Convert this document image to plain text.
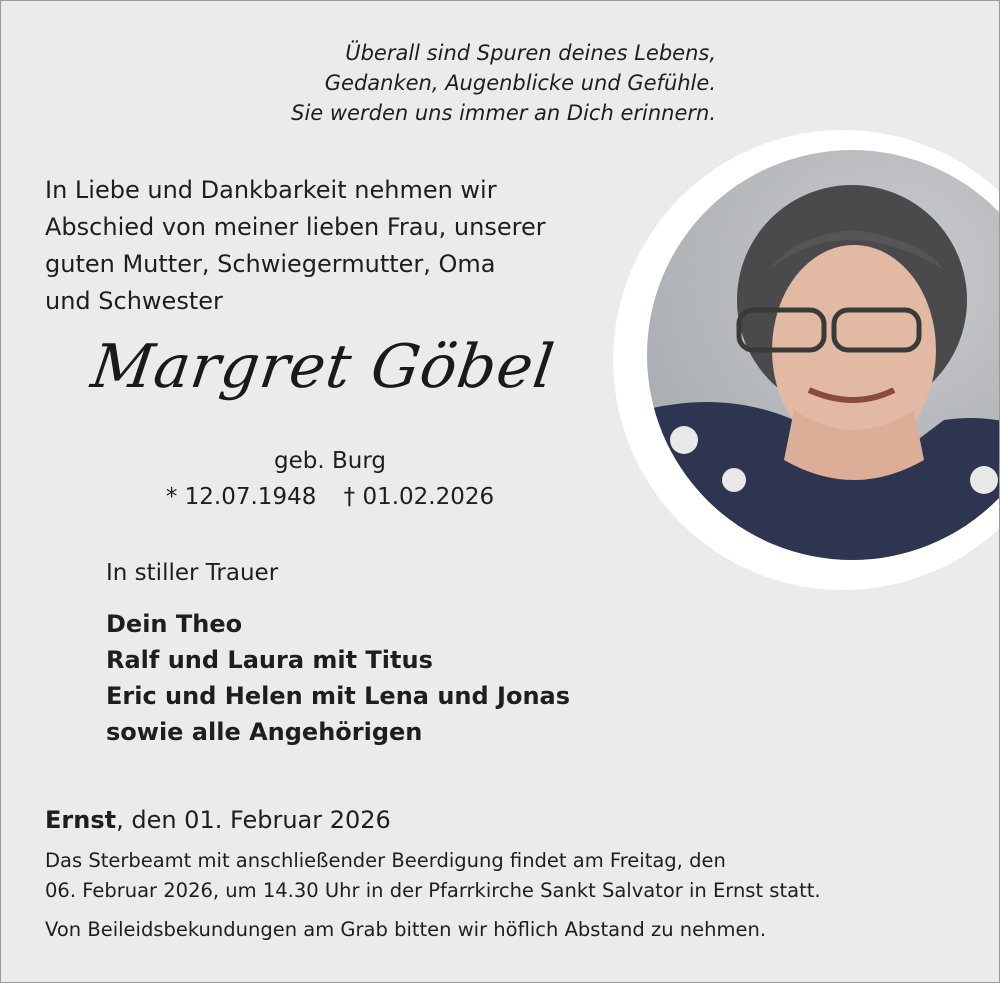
Überall sind Spuren deines Lebens,
Gedanken, Augenblicke und Gefühle.
Sie werden uns immer an Dich erinnern.
In Liebe und Dankbarkeit nehmen wir
Abschied von meiner lieben Frau, unserer
guten Mutter, Schwiegermutter, Oma
und Schwester
Margret Göbel
geb. Burg
* 12.07.1948 † 01.02.2026
In stiller Trauer
Dein Theo
Ralf und Laura mit Titus
Eric und Helen mit Lena und Jonas
sowie alle Angehörigen
Ernst, den 01. Februar 2026
Das Sterbeamt mit anschließender Beerdigung findet am Freitag, den
06. Februar 2026, um 14.30 Uhr in der Pfarrkirche Sankt Salvator in Ernst statt.
Von Beileidsbekundungen am Grab bitten wir höflich Abstand zu nehmen.
